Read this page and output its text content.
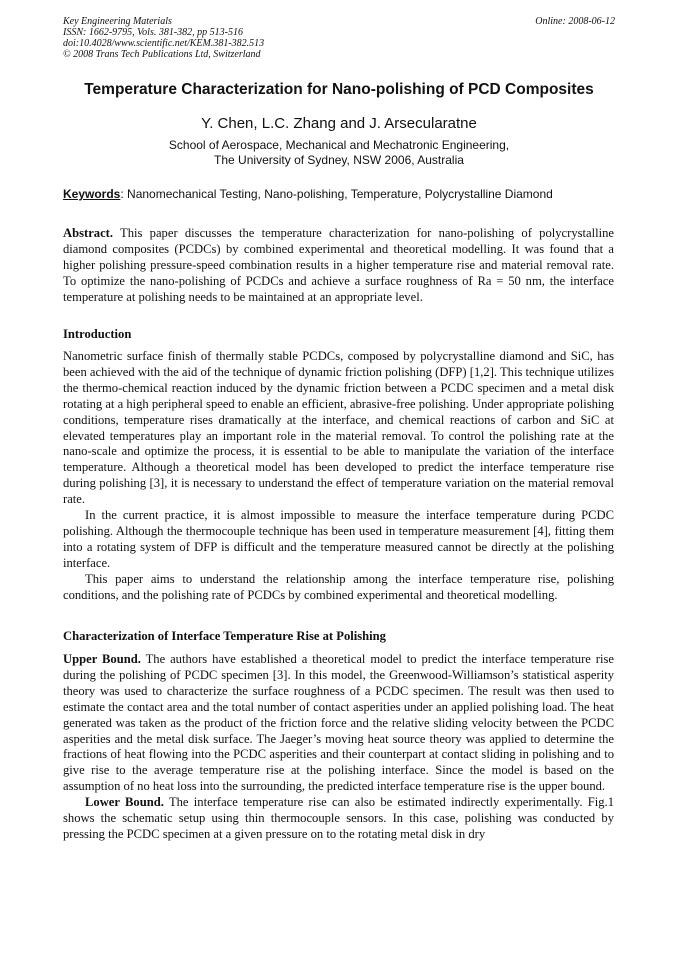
Key Engineering Materials
ISSN: 1662-9795, Vols. 381-382, pp 513-516
doi:10.4028/www.scientific.net/KEM.381-382.513
© 2008 Trans Tech Publications Ltd, Switzerland
Online: 2008-06-12
Temperature Characterization for Nano-polishing of PCD Composites
Y. Chen, L.C. Zhang and J. Arsecularatne
School of Aerospace, Mechanical and Mechatronic Engineering,
The University of Sydney, NSW 2006, Australia
Keywords: Nanomechanical Testing, Nano-polishing, Temperature, Polycrystalline Diamond

Abstract. This paper discusses the temperature characterization for nano-polishing of polycrystalline diamond composites (PCDCs) by combined experimental and theoretical modelling. It was found that a higher polishing pressure-speed combination results in a higher temperature rise and material removal rate. To optimize the nano-polishing of PCDCs and achieve a surface roughness of Ra = 50 nm, the interface temperature at polishing needs to be maintained at an appropriate level.

Introduction

Nanometric surface finish of thermally stable PCDCs, composed by polycrystalline diamond and SiC, has been achieved with the aid of the technique of dynamic friction polishing (DFP) [1,2]. This technique utilizes the thermo-chemical reaction induced by the dynamic friction between a PCDC specimen and a metal disk rotating at a high peripheral speed to enable an efficient, abrasive-free polishing. Under appropriate polishing conditions, temperature rises dramatically at the interface, and chemical reactions of carbon and SiC at elevated temperatures play an important role in the material removal. To control the polishing rate at the nano-scale and optimize the process, it is essential to be able to manipulate the variation of the interface temperature. Although a theoretical model has been developed to predict the interface temperature rise during polishing [3], it is necessary to understand the effect of temperature variation on the material removal rate.

In the current practice, it is almost impossible to measure the interface temperature during PCDC polishing. Although the thermocouple technique has been used in temperature measurement [4], fitting them into a rotating system of DFP is difficult and the temperature measured cannot be directly at the polishing interface.

This paper aims to understand the relationship among the interface temperature rise, polishing conditions, and the polishing rate of PCDCs by combined experimental and theoretical modelling.

Characterization of Interface Temperature Rise at Polishing

Upper Bound. The authors have established a theoretical model to predict the interface temperature rise during the polishing of PCDC specimen [3]. In this model, the Greenwood-Williamson’s statistical asperity theory was used to characterize the surface roughness of a PCDC specimen. The result was then used to estimate the contact area and the total number of contact asperities under an applied polishing load. The heat generated was taken as the product of the friction force and the relative sliding velocity between the PCDC asperities and the metal disk surface. The Jaeger’s moving heat source theory was applied to determine the fractions of heat flowing into the PCDC asperities and their counterpart at contact sliding in polishing and to give rise to the average temperature rise at the polishing interface. Since the model is based on the assumption of no heat loss into the surrounding, the predicted interface temperature rise is the upper bound.

Lower Bound. The interface temperature rise can also be estimated indirectly experimentally. Fig.1 shows the schematic setup using thin thermocouple sensors. In this case, polishing was conducted by pressing the PCDC specimen at a given pressure on to the rotating metal disk in dry
